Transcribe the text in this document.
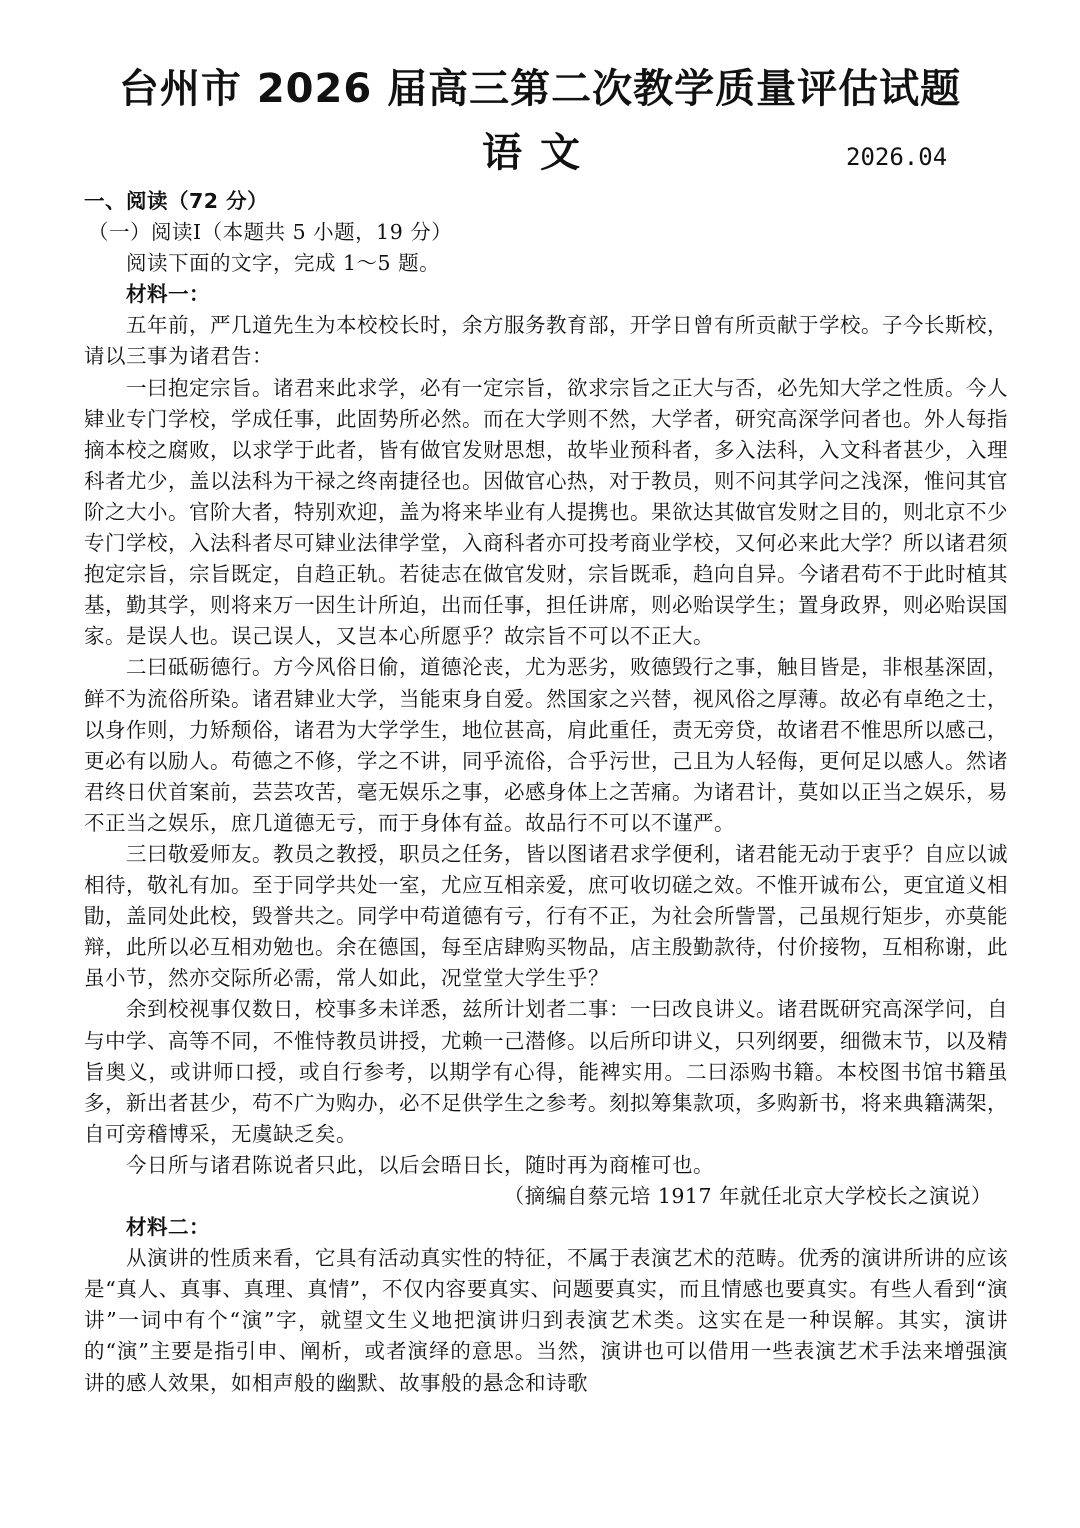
台州市 2026 届高三第二次教学质量评估试题
语文	2026.04

一、阅读（72 分）

（一）阅读Ⅰ（本题共 5 小题，19 分）

阅读下面的文字，完成 1～5 题。

材料一：

五年前，严几道先生为本校校长时，余方服务教育部，开学日曾有所贡献于学校。子今长斯校，请以三事为诸君告：

一曰抱定宗旨。诸君来此求学，必有一定宗旨，欲求宗旨之正大与否，必先知大学之性质。今人肄业专门学校，学成任事，此固势所必然。而在大学则不然，大学者，研究高深学问者也。外人每指摘本校之腐败，以求学于此者，皆有做官发财思想，故毕业预科者，多入法科，入文科者甚少，入理科者尤少，盖以法科为干禄之终南捷径也。因做官心热，对于教员，则不问其学问之浅深，惟问其官阶之大小。官阶大者，特别欢迎，盖为将来毕业有人提携也。果欲达其做官发财之目的，则北京不少专门学校，入法科者尽可肄业法律学堂，入商科者亦可投考商业学校，又何必来此大学？所以诸君须抱定宗旨，宗旨既定，自趋正轨。若徒志在做官发财，宗旨既乖，趋向自异。今诸君苟不于此时植其基，勤其学，则将来万一因生计所迫，出而任事，担任讲席，则必贻误学生；置身政界，则必贻误国家。是误人也。误己误人，又岂本心所愿乎？故宗旨不可以不正大。

二曰砥砺德行。方今风俗日偷，道德沦丧，尤为恶劣，败德毁行之事，触目皆是，非根基深固，鲜不为流俗所染。诸君肄业大学，当能束身自爱。然国家之兴替，视风俗之厚薄。故必有卓绝之士，以身作则，力矫颓俗，诸君为大学学生，地位甚高，肩此重任，责无旁贷，故诸君不惟思所以感己，更必有以励人。苟德之不修，学之不讲，同乎流俗，合乎污世，己且为人轻侮，更何足以感人。然诸君终日伏首案前，芸芸攻苦，毫无娱乐之事，必感身体上之苦痛。为诸君计，莫如以正当之娱乐，易不正当之娱乐，庶几道德无亏，而于身体有益。故品行不可以不谨严。

三曰敬爱师友。教员之教授，职员之任务，皆以图诸君求学便利，诸君能无动于衷乎？自应以诚相待，敬礼有加。至于同学共处一室，尤应互相亲爱，庶可收切磋之效。不惟开诚布公，更宜道义相勖，盖同处此校，毁誉共之。同学中苟道德有亏，行有不正，为社会所訾詈，己虽规行矩步，亦莫能辩，此所以必互相劝勉也。余在德国，每至店肆购买物品，店主殷勤款待，付价接物，互相称谢，此虽小节，然亦交际所必需，常人如此，况堂堂大学生乎？

余到校视事仅数日，校事多未详悉，兹所计划者二事：一曰改良讲义。诸君既研究高深学问，自与中学、高等不同，不惟恃教员讲授，尤赖一己潜修。以后所印讲义，只列纲要，细微末节，以及精旨奥义，或讲师口授，或自行参考，以期学有心得，能裨实用。二曰添购书籍。本校图书馆书籍虽多，新出者甚少，苟不广为购办，必不足供学生之参考。刻拟筹集款项，多购新书，将来典籍满架，自可旁稽博采，无虞缺乏矣。

今日所与诸君陈说者只此，以后会晤日长，随时再为商榷可也。

（摘编自蔡元培 1917 年就任北京大学校长之演说）

材料二：

从演讲的性质来看，它具有活动真实性的特征，不属于表演艺术的范畴。优秀的演讲所讲的应该是“真人、真事、真理、真情”，不仅内容要真实、问题要真实，而且情感也要真实。有些人看到“演讲”一词中有个“演”字，就望文生义地把演讲归到表演艺术类。这实在是一种误解。其实，演讲的“演”主要是指引申、阐析，或者演绎的意思。当然，演讲也可以借用一些表演艺术手法来增强演讲的感人效果，如相声般的幽默、故事般的悬念和诗歌
